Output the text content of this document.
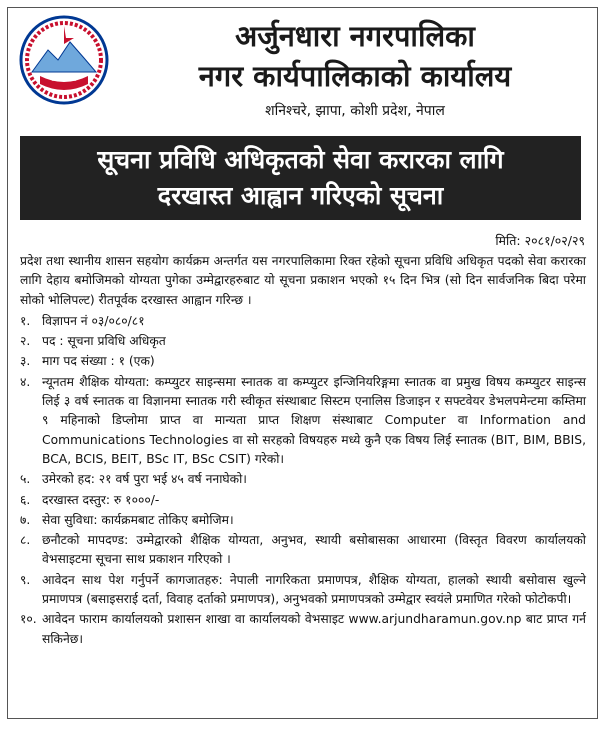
अर्जुनधारा नगरपालिका
नगर कार्यपालिकाको कार्यालय
शनिश्चरे, झापा, कोशी प्रदेश, नेपाल
सूचना प्रविधि अधिकृतको सेवा करारका लागि
दरखास्त आह्वान गरिएको सूचना
मिति: २०८१/०२/२९

प्रदेश तथा स्थानीय शासन सहयोग कार्यक्रम अन्तर्गत यस नगरपालिकामा रिक्त रहेको सूचना प्रविधि अधिकृत पदको सेवा करारका लागि देहाय बमोजिमको योग्यता पुगेका उम्मेद्वारहरुबाट यो सूचना प्रकाशन भएको १५ दिन भित्र (सो दिन सार्वजनिक बिदा परेमा सोको भोलिपल्ट) रीतपूर्वक दरखास्त आह्वान गरिन्छ ।

१. विज्ञापन नं ०३/०८०/८१
२. पद : सूचना प्रविधि अधिकृत
३. माग पद संख्या : १ (एक)
४. न्यूनतम शैक्षिक योग्यता: कम्प्युटर साइन्समा स्नातक वा कम्प्युटर इन्जिनियरिङ्गमा स्नातक वा प्रमुख विषय कम्प्युटर साइन्स लिई ३ वर्ष स्नातक वा विज्ञानमा स्नातक गरी स्वीकृत संस्थाबाट सिस्टम एनालिस डिजाइन र सफ्टवेयर डेभलपमेन्टमा कम्तिमा ९ महिनाको डिप्लोमा प्राप्त वा मान्यता प्राप्त शिक्षण संस्थाबाट Computer वा Information and Communications Technologies वा सो सरहको विषयहरु मध्ये कुनै एक विषय लिई स्नातक (BIT, BIM, BBIS, BCA, BCIS, BEIT, BSc IT, BSc CSIT) गरेको।
५. उमेरको हद: २१ वर्ष पुरा भई ४५ वर्ष ननाघेको।
६. दरखास्त दस्तुर: रु १०००/-
७. सेवा सुविधा: कार्यक्रमबाट तोकिए बमोजिम।
८. छनौटको मापदण्ड: उम्मेद्वारको शैक्षिक योग्यता, अनुभव, स्थायी बसोबासका आधारमा (विस्तृत विवरण कार्यालयको वेभसाइटमा सूचना साथ प्रकाशन गरिएको ।
९. आवेदन साथ पेश गर्नुपर्ने कागजातहरु: नेपाली नागरिकता प्रमाणपत्र, शैक्षिक योग्यता, हालको स्थायी बसोवास खुल्ने प्रमाणपत्र (बसाइसराई दर्ता, विवाह दर्ताको प्रमाणपत्र), अनुभवको प्रमाणपत्रको उम्मेद्वार स्वयंले प्रमाणित गरेको फोटोकपी।
१०. आवेदन फाराम कार्यालयको प्रशासन शाखा वा कार्यालयको वेभसाइट www.arjundharamun.gov.np बाट प्राप्त गर्न सकिनेछ।
